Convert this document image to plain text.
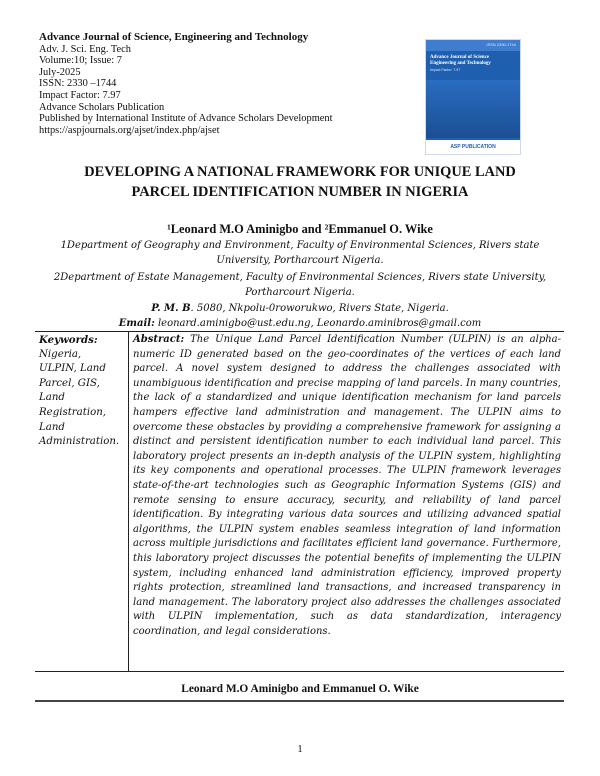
Advance Journal of Science, Engineering and Technology
Adv. J. Sci. Eng. Tech
Volume:10; Issue: 7
July-2025
ISSN: 2330 –1744
Impact Factor: 7.97
Advance Scholars Publication
Published by International Institute of Advance Scholars Development
https://aspjournals.org/ajset/index.php/ajset
ISSN 2330-1744
Advance Journal of Science Engineering and Technology
Impact Factor: 7.97
ASP PUBLICATION
DEVELOPING A NATIONAL FRAMEWORK FOR UNIQUE LAND
PARCEL IDENTIFICATION NUMBER IN NIGERIA
¹Leonard M.O Aminigbo and ²Emmanuel O. Wike
1Department of Geography and Environment, Faculty of Environmental Sciences, Rivers state University, Portharcourt Nigeria.
2Department of Estate Management, Faculty of Environmental Sciences, Rivers state University, Portharcourt Nigeria.
P. M. B. 5080, Nkpolu-0roworukwo, Rivers State, Nigeria.
Email: leonard.aminigbo@ust.edu.ng, Leonardo.aminibros@gmail.com
Keywords:
Nigeria,
ULPIN, Land
Parcel, GIS,
Land
Registration,
Land
Administration.
Abstract: The Unique Land Parcel Identification Number (ULPIN) is an alpha-numeric ID generated based on the geo-coordinates of the vertices of each land parcel. A novel system designed to address the challenges associated with unambiguous identification and precise mapping of land parcels. In many countries, the lack of a standardized and unique identification mechanism for land parcels hampers effective land administration and management. The ULPIN aims to overcome these obstacles by providing a comprehensive framework for assigning a distinct and persistent identification number to each individual land parcel. This laboratory project presents an in-depth analysis of the ULPIN system, highlighting its key components and operational processes. The ULPIN framework leverages state-of-the-art technologies such as Geographic Information Systems (GIS) and remote sensing to ensure accuracy, security, and reliability of land parcel identification. By integrating various data sources and utilizing advanced spatial algorithms, the ULPIN system enables seamless integration of land information across multiple jurisdictions and facilitates efficient land governance. Furthermore, this laboratory project discusses the potential benefits of implementing the ULPIN system, including enhanced land administration efficiency, improved property rights protection, streamlined land transactions, and increased transparency in land management. The laboratory project also addresses the challenges associated with ULPIN implementation, such as data standardization, interagency coordination, and legal considerations.
Leonard M.O Aminigbo and Emmanuel O. Wike
1
